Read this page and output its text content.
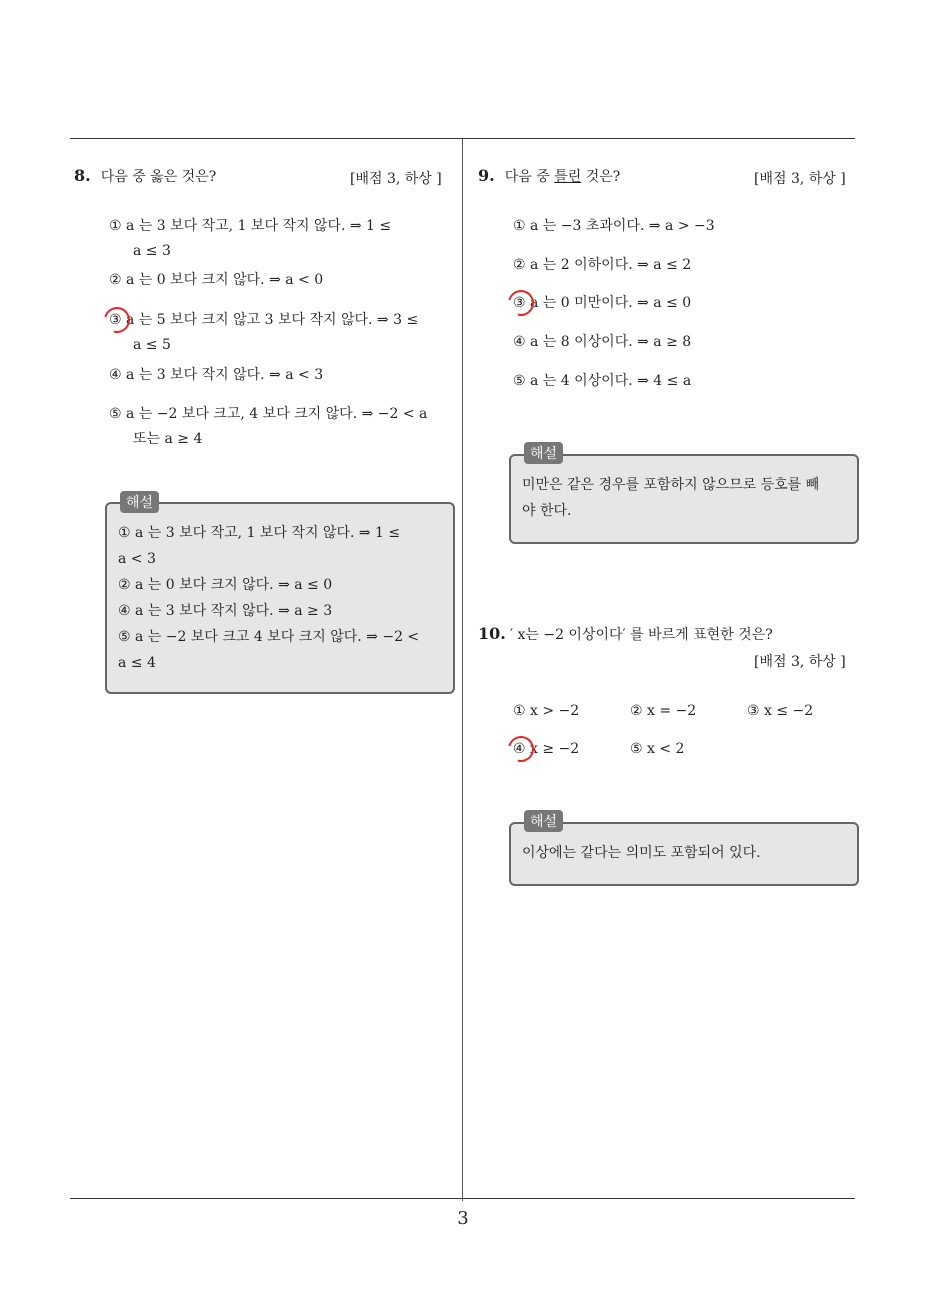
3
8. 다음 중 옳은 것은?	[배점 3, 하상 ]
① a 는 3 보다 작고, 1 보다 작지 않다. ⇒ 1 ≤
a ≤ 3
② a 는 0 보다 크지 않다. ⇒ a < 0
③ a 는 5 보다 크지 않고 3 보다 작지 않다. ⇒ 3 ≤
a ≤ 5
④ a 는 3 보다 작지 않다. ⇒ a < 3
⑤ a 는 −2 보다 크고, 4 보다 크지 않다. ⇒ −2 < a
또는 a ≥ 4
해설
① a 는 3 보다 작고, 1 보다 작지 않다. ⇒ 1 ≤
a < 3
② a 는 0 보다 크지 않다. ⇒ a ≤ 0
④ a 는 3 보다 작지 않다. ⇒ a ≥ 3
⑤ a 는 −2 보다 크고 4 보다 크지 않다. ⇒ −2 <
a ≤ 4
9. 다음 중 틀린 것은?	[배점 3, 하상 ]
① a 는 −3 초과이다. ⇒ a > −3
② a 는 2 이하이다. ⇒ a ≤ 2
③ a 는 0 미만이다. ⇒ a ≤ 0
④ a 는 8 이상이다. ⇒ a ≥ 8
⑤ a 는 4 이상이다. ⇒ 4 ≤ a
해설
미만은 같은 경우를 포함하지 않으므로 등호를 빼
야 한다.
10. ′ x는 −2 이상이다′ 를 바르게 표현한 것은?
[배점 3, 하상 ]
① x > −2	② x = −2	③ x ≤ −2
④ x ≥ −2	⑤ x < 2
해설
이상에는 같다는 의미도 포함되어 있다.
